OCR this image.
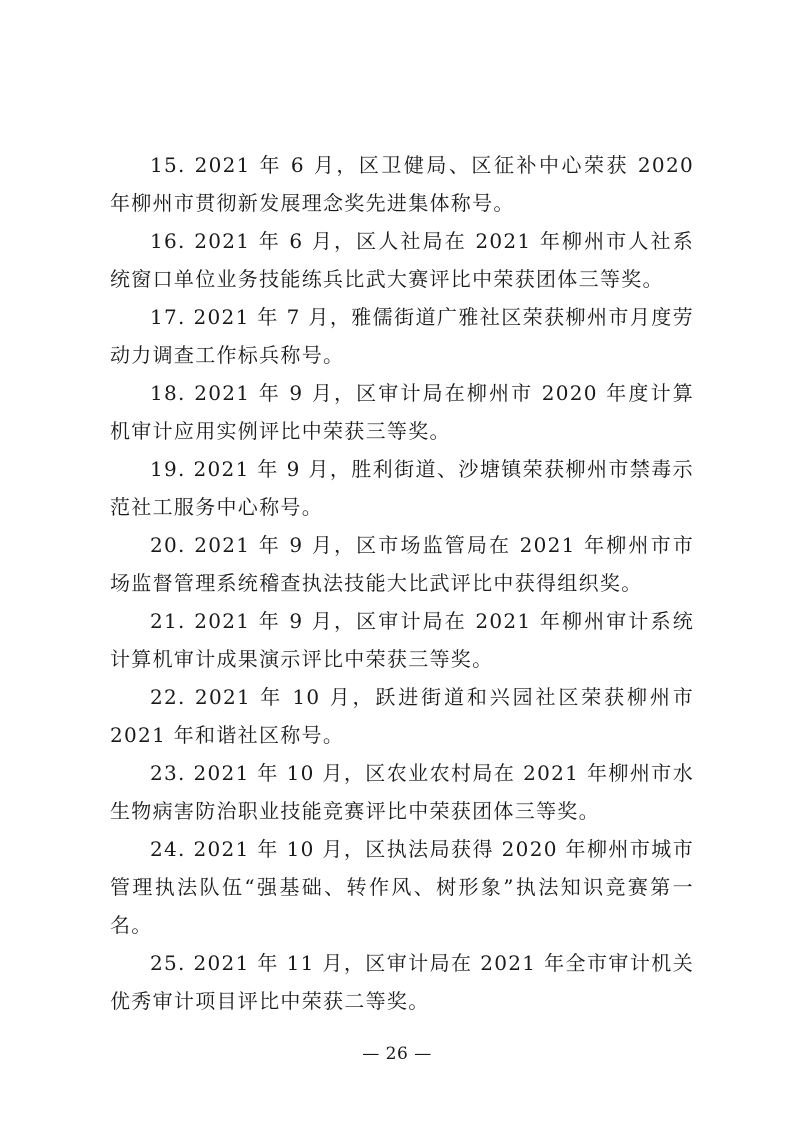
15. 2021 年 6 月，区卫健局、区征补中心荣获 2020 年柳州市贯彻新发展理念奖先进集体称号。

16. 2021 年 6 月，区人社局在 2021 年柳州市人社系统窗口单位业务技能练兵比武大赛评比中荣获团体三等奖。

17. 2021 年 7 月，雅儒街道广雅社区荣获柳州市月度劳动力调查工作标兵称号。

18. 2021 年 9 月，区审计局在柳州市 2020 年度计算机审计应用实例评比中荣获三等奖。

19. 2021 年 9 月，胜利街道、沙塘镇荣获柳州市禁毒示范社工服务中心称号。

20. 2021 年 9 月，区市场监管局在 2021 年柳州市市场监督管理系统稽查执法技能大比武评比中获得组织奖。

21. 2021 年 9 月，区审计局在 2021 年柳州审计系统计算机审计成果演示评比中荣获三等奖。

22. 2021 年 10 月，跃进街道和兴园社区荣获柳州市 2021 年和谐社区称号。

23. 2021 年 10 月，区农业农村局在 2021 年柳州市水生物病害防治职业技能竞赛评比中荣获团体三等奖。

24. 2021 年 10 月，区执法局获得 2020 年柳州市城市管理执法队伍“强基础、转作风、树形象”执法知识竞赛第一名。

25. 2021 年 11 月，区审计局在 2021 年全市审计机关优秀审计项目评比中荣获二等奖。

— 26 —
